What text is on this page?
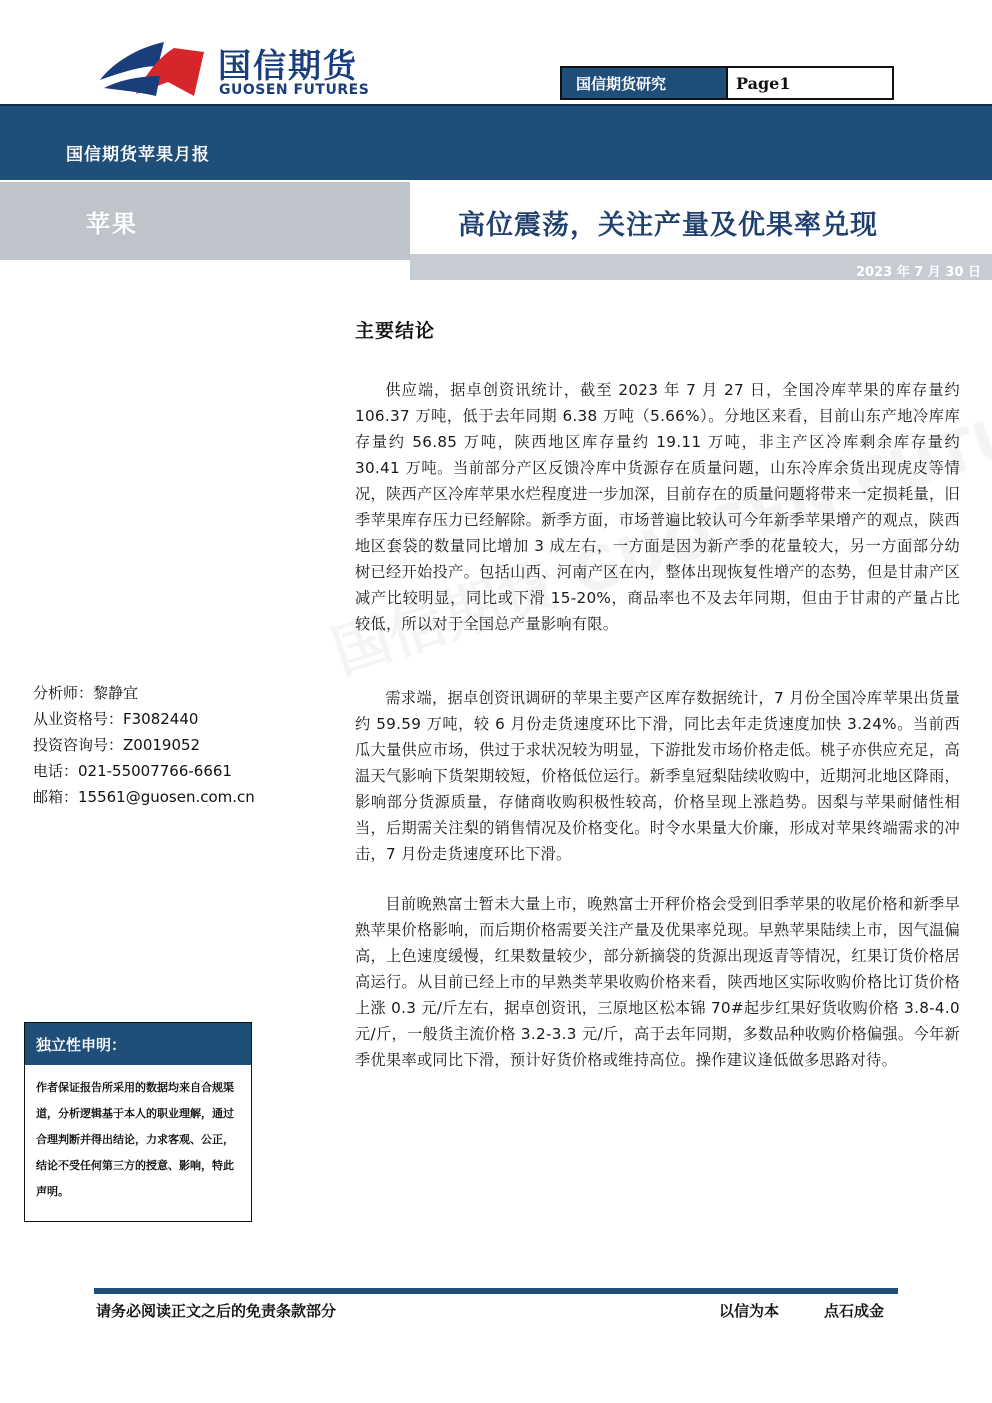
国信期货
GUOSEN FUTURES	国信期货研究	Page 1
国信期货苹果月报
苹果	高位震荡，关注产量及优果率兑现
2023 年 7 月 30 日
主要结论
供应端，据卓创资讯统计，截至 2023 年 7 月 27 日，全国冷库苹果的库存量约 106.37 万吨，低于去年同期 6.38 万吨（5.66%）。分地区来看，目前山东产地冷库库存量约 56.85 万吨，陕西地区库存量约 19.11 万吨，非主产区冷库剩余库存量约 30.41 万吨。当前部分产区反馈冷库中货源存在质量问题，山东冷库余货出现虎皮等情况，陕西产区冷库苹果水烂程度进一步加深，目前存在的质量问题将带来一定损耗量，旧季苹果库存压力已经解除。新季方面，市场普遍比较认可今年新季苹果增产的观点，陕西地区套袋的数量同比增加 3 成左右，一方面是因为新产季的花量较大，另一方面部分幼树已经开始投产。包括山西、河南产区在内，整体出现恢复性增产的态势，但是甘肃产区减产比较明显，同比或下滑 15-20%，商品率也不及去年同期，但由于甘肃的产量占比较低，所以对于全国总产量影响有限。
需求端，据卓创资讯调研的苹果主要产区库存数据统计，7 月份全国冷库苹果出货量约 59.59 万吨，较 6 月份走货速度环比下滑，同比去年走货速度加快 3.24%。当前西瓜大量供应市场，供过于求状况较为明显，下游批发市场价格走低。桃子亦供应充足，高温天气影响下货架期较短，价格低位运行。新季皇冠梨陆续收购中，近期河北地区降雨，影响部分货源质量，存储商收购积极性较高，价格呈现上涨趋势。因梨与苹果耐储性相当，后期需关注梨的销售情况及价格变化。时令水果量大价廉，形成对苹果终端需求的冲击，7 月份走货速度环比下滑。
目前晚熟富士暂未大量上市，晚熟富士开秤价格会受到旧季苹果的收尾价格和新季早熟苹果价格影响，而后期价格需要关注产量及优果率兑现。早熟苹果陆续上市，因气温偏高，上色速度缓慢，红果数量较少，部分新摘袋的货源出现返青等情况，红果订货价格居高运行。从目前已经上市的早熟类苹果收购价格来看，陕西地区实际收购价格比订货价格上涨 0.3 元/斤左右，据卓创资讯，三原地区松本锦 70#起步红果好货收购价格 3.8-4.0 元/斤，一般货主流价格 3.2-3.3 元/斤，高于去年同期，多数品种收购价格偏强。今年新季优果率或同比下滑，预计好货价格或维持高位。操作建议逢低做多思路对待。
分析师：黎静宜
从业资格号：F3082440
投资咨询号：Z0019052
电话：021-55007766-6661
邮箱：15561@guosen.com.cn
独立性申明：
作者保证报告所采用的数据均来自合规渠道，分析逻辑基于本人的职业理解，通过合理判断并得出结论，力求客观、公正，结论不受任何第三方的授意、影响，特此声明。
请务必阅读正文之后的免责条款部分	以信为本	点石成金
